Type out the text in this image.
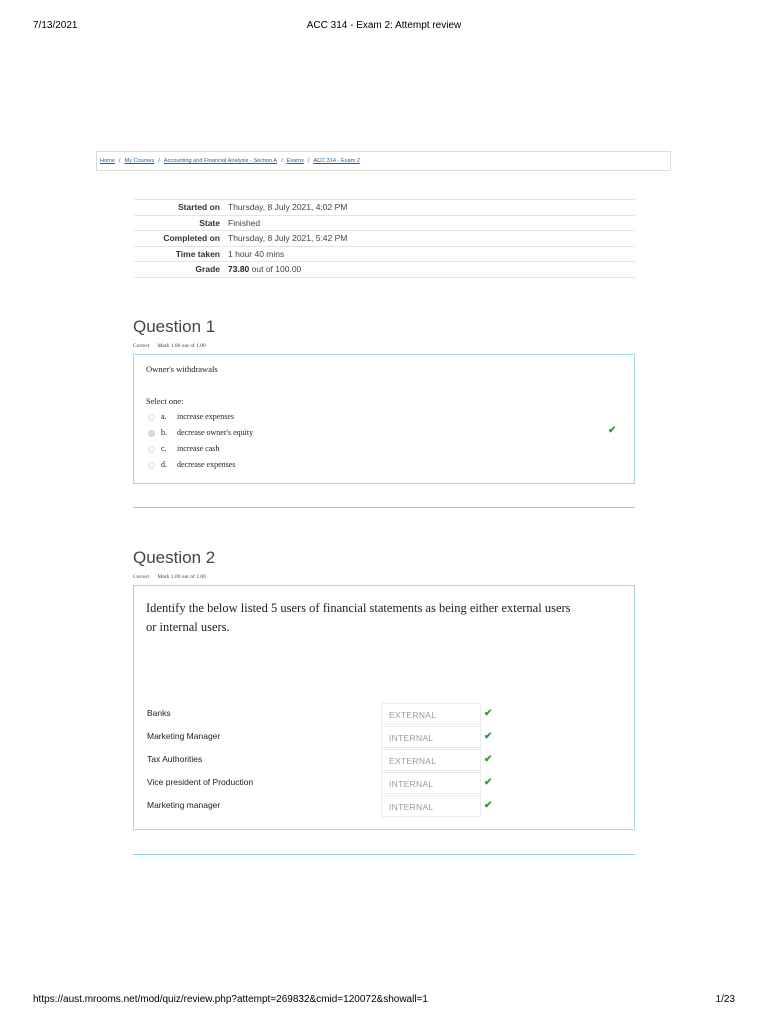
7/13/2021	ACC 314 - Exam 2: Attempt review
Home / My Courses / Accounting and Financial Analysis - Section A / Exams / ACC 314 - Exam 2
Started on	Thursday, 8 July 2021, 4:02 PM
State	Finished
Completed on	Thursday, 8 July 2021, 5:42 PM
Time taken	1 hour 40 mins
Grade	73.80 out of 100.00
Question 1
Correct Mark 1.00 out of 1.00
Owner's withdrawals
Select one:
a. increase expenses
b. decrease owner's equity
c. increase cash
d. decrease expenses
✔
Question 2
Correct Mark 1.00 out of 1.00
Identify the below listed 5 users of financial statements as being either external users or internal users.
Banks	EXTERNAL	✔
Marketing Manager	INTERNAL	✔
Tax Authorities	EXTERNAL	✔
Vice president of Production	INTERNAL	✔
Marketing manager	INTERNAL	✔
https://aust.mrooms.net/mod/quiz/review.php?attempt=269832&cmid=120072&showall=1	1/23
